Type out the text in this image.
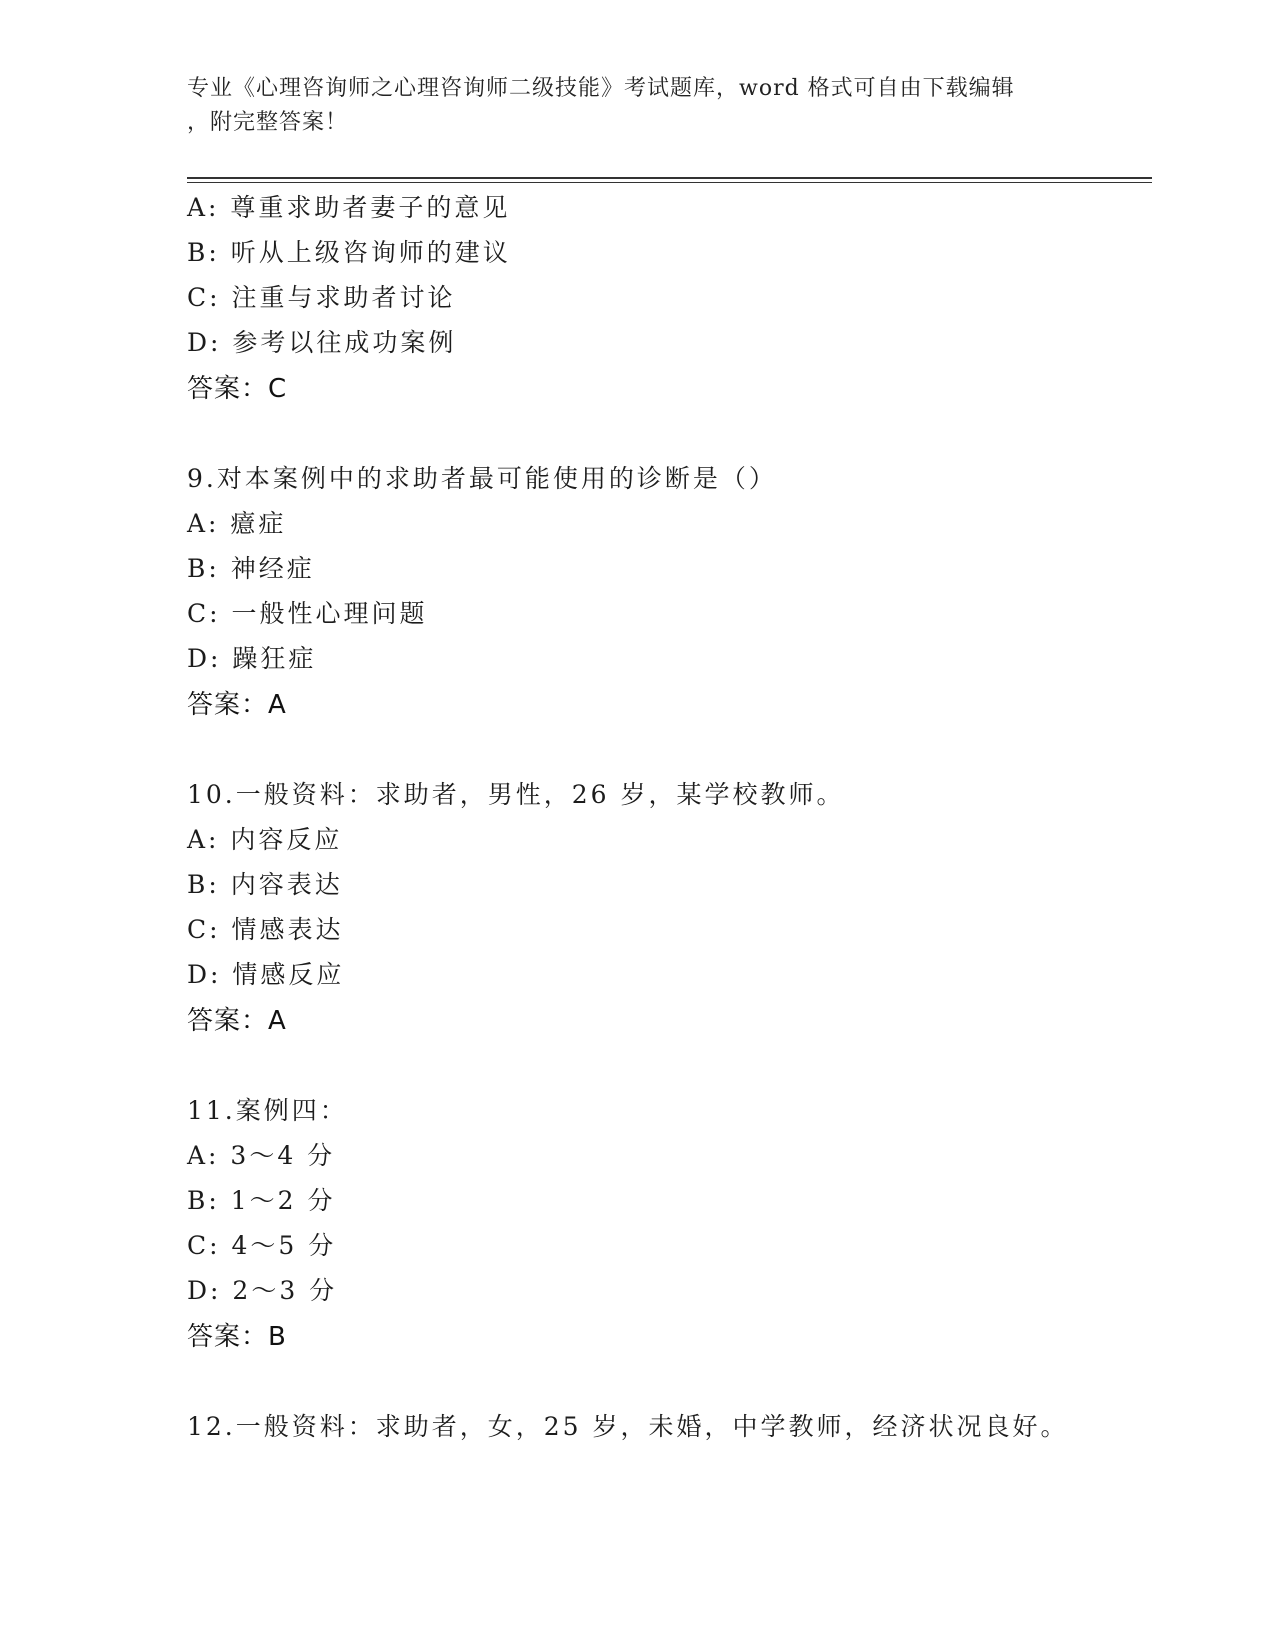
专业《心理咨询师之心理咨询师二级技能》考试题库，word 格式可自由下载编辑
，附完整答案！
A: 尊重求助者妻子的意见
B: 听从上级咨询师的建议
C: 注重与求助者讨论
D: 参考以往成功案例
答案：C
9.对本案例中的求助者最可能使用的诊断是（）
A: 癔症
B: 神经症
C: 一般性心理问题
D: 躁狂症
答案：A
10.一般资料：求助者，男性，26 岁，某学校教师。
A: 内容反应
B: 内容表达
C: 情感表达
D: 情感反应
答案：A
11.案例四：
A: 3～4 分
B: 1～2 分
C: 4～5 分
D: 2～3 分
答案：B
12.一般资料：求助者，女，25 岁，未婚，中学教师，经济状况良好。
